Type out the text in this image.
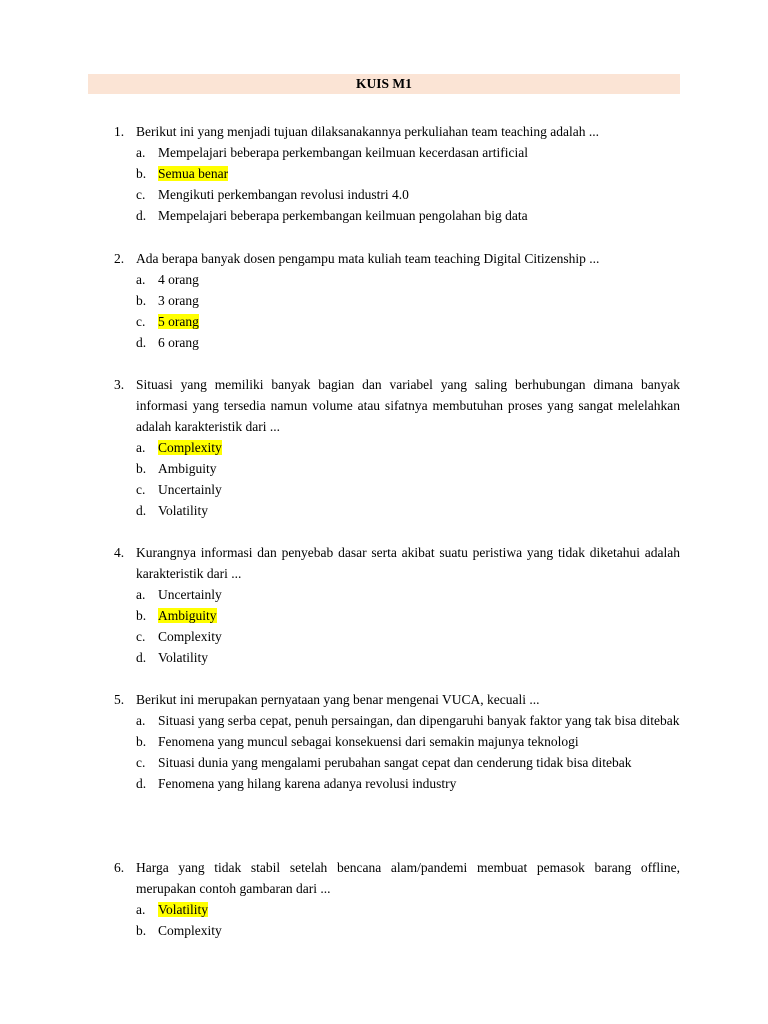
KUIS M1
1. Berikut ini yang menjadi tujuan dilaksanakannya perkuliahan team teaching adalah ...
a. Mempelajari beberapa perkembangan keilmuan kecerdasan artificial
b. Semua benar
c. Mengikuti perkembangan revolusi industri 4.0
d. Mempelajari beberapa perkembangan keilmuan pengolahan big data
2. Ada berapa banyak dosen pengampu mata kuliah team teaching Digital Citizenship ...
a. 4 orang
b. 3 orang
c. 5 orang
d. 6 orang
3. Situasi yang memiliki banyak bagian dan variabel yang saling berhubungan dimana banyak informasi yang tersedia namun volume atau sifatnya membutuhan proses yang sangat melelahkan adalah karakteristik dari ...
a. Complexity
b. Ambiguity
c. Uncertainly
d. Volatility
4. Kurangnya informasi dan penyebab dasar serta akibat suatu peristiwa yang tidak diketahui adalah karakteristik dari ...
a. Uncertainly
b. Ambiguity
c. Complexity
d. Volatility
5. Berikut ini merupakan pernyataan yang benar mengenai VUCA, kecuali ...
a. Situasi yang serba cepat, penuh persaingan, dan dipengaruhi banyak faktor yang tak bisa ditebak
b. Fenomena yang muncul sebagai konsekuensi dari semakin majunya teknologi
c. Situasi dunia yang mengalami perubahan sangat cepat dan cenderung tidak bisa ditebak
d. Fenomena yang hilang karena adanya revolusi industry
6. Harga yang tidak stabil setelah bencana alam/pandemi membuat pemasok barang offline, merupakan contoh gambaran dari ...
a. Volatility
b. Complexity
